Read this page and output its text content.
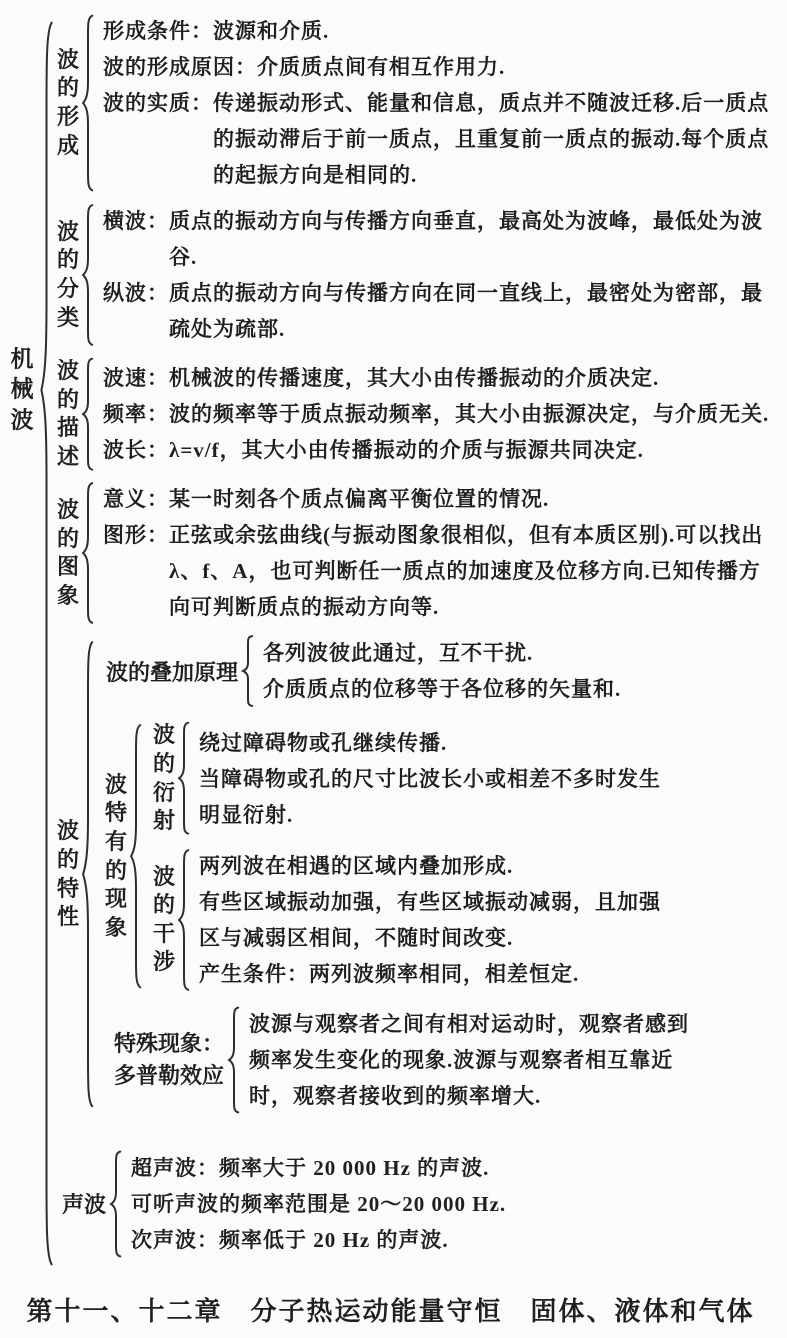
机械波
波的形成
形成条件： 波源和介质.
波的形成原因： 介质质点间有相互作用力.
波的实质： 传递振动形式、能量和信息，质点并不随波迁移.后一质点的振动滞后于前一质点，且重复前一质点的振动.每个质点的起振方向是相同的.
波的分类
横波： 质点的振动方向与传播方向垂直，最高处为波峰，最低处为波谷.
纵波： 质点的振动方向与传播方向在同一直线上，最密处为密部，最疏处为疏部.
波的描述
波速： 机械波的传播速度，其大小由传播振动的介质决定.
频率： 波的频率等于质点振动频率，其大小由振源决定，与介质无关.
波长： λ=v/f，其大小由传播振动的介质与振源共同决定.
波的图象
意义： 某一时刻各个质点偏离平衡位置的情况.
图形： 正弦或余弦曲线(与振动图象很相似，但有本质区别).可以找出 λ、f、A，也可判断任一质点的加速度及位移方向.已知传播方向可判断质点的振动方向等.
波的特性
波的叠加原理
各列波彼此通过，互不干扰.
介质质点的位移等于各位移的矢量和.
波特有的现象
波的衍射
绕过障碍物或孔继续传播.
当障碍物或孔的尺寸比波长小或相差不多时发生明显衍射.
波的干涉
两列波在相遇的区域内叠加形成.
有些区域振动加强，有些区域振动减弱，且加强区与减弱区相间，不随时间改变.
产生条件： 两列波频率相同，相差恒定.
特殊现象：
多普勒效应
波源与观察者之间有相对运动时，观察者感到频率发生变化的现象.波源与观察者相互靠近时，观察者接收到的频率增大.
声波
超声波： 频率大于 20 000 Hz 的声波.
可听声波的频率范围是 20～20 000 Hz.
次声波： 频率低于 20 Hz 的声波.
第十一、十二章　分子热运动能量守恒　固体、液体和气体
